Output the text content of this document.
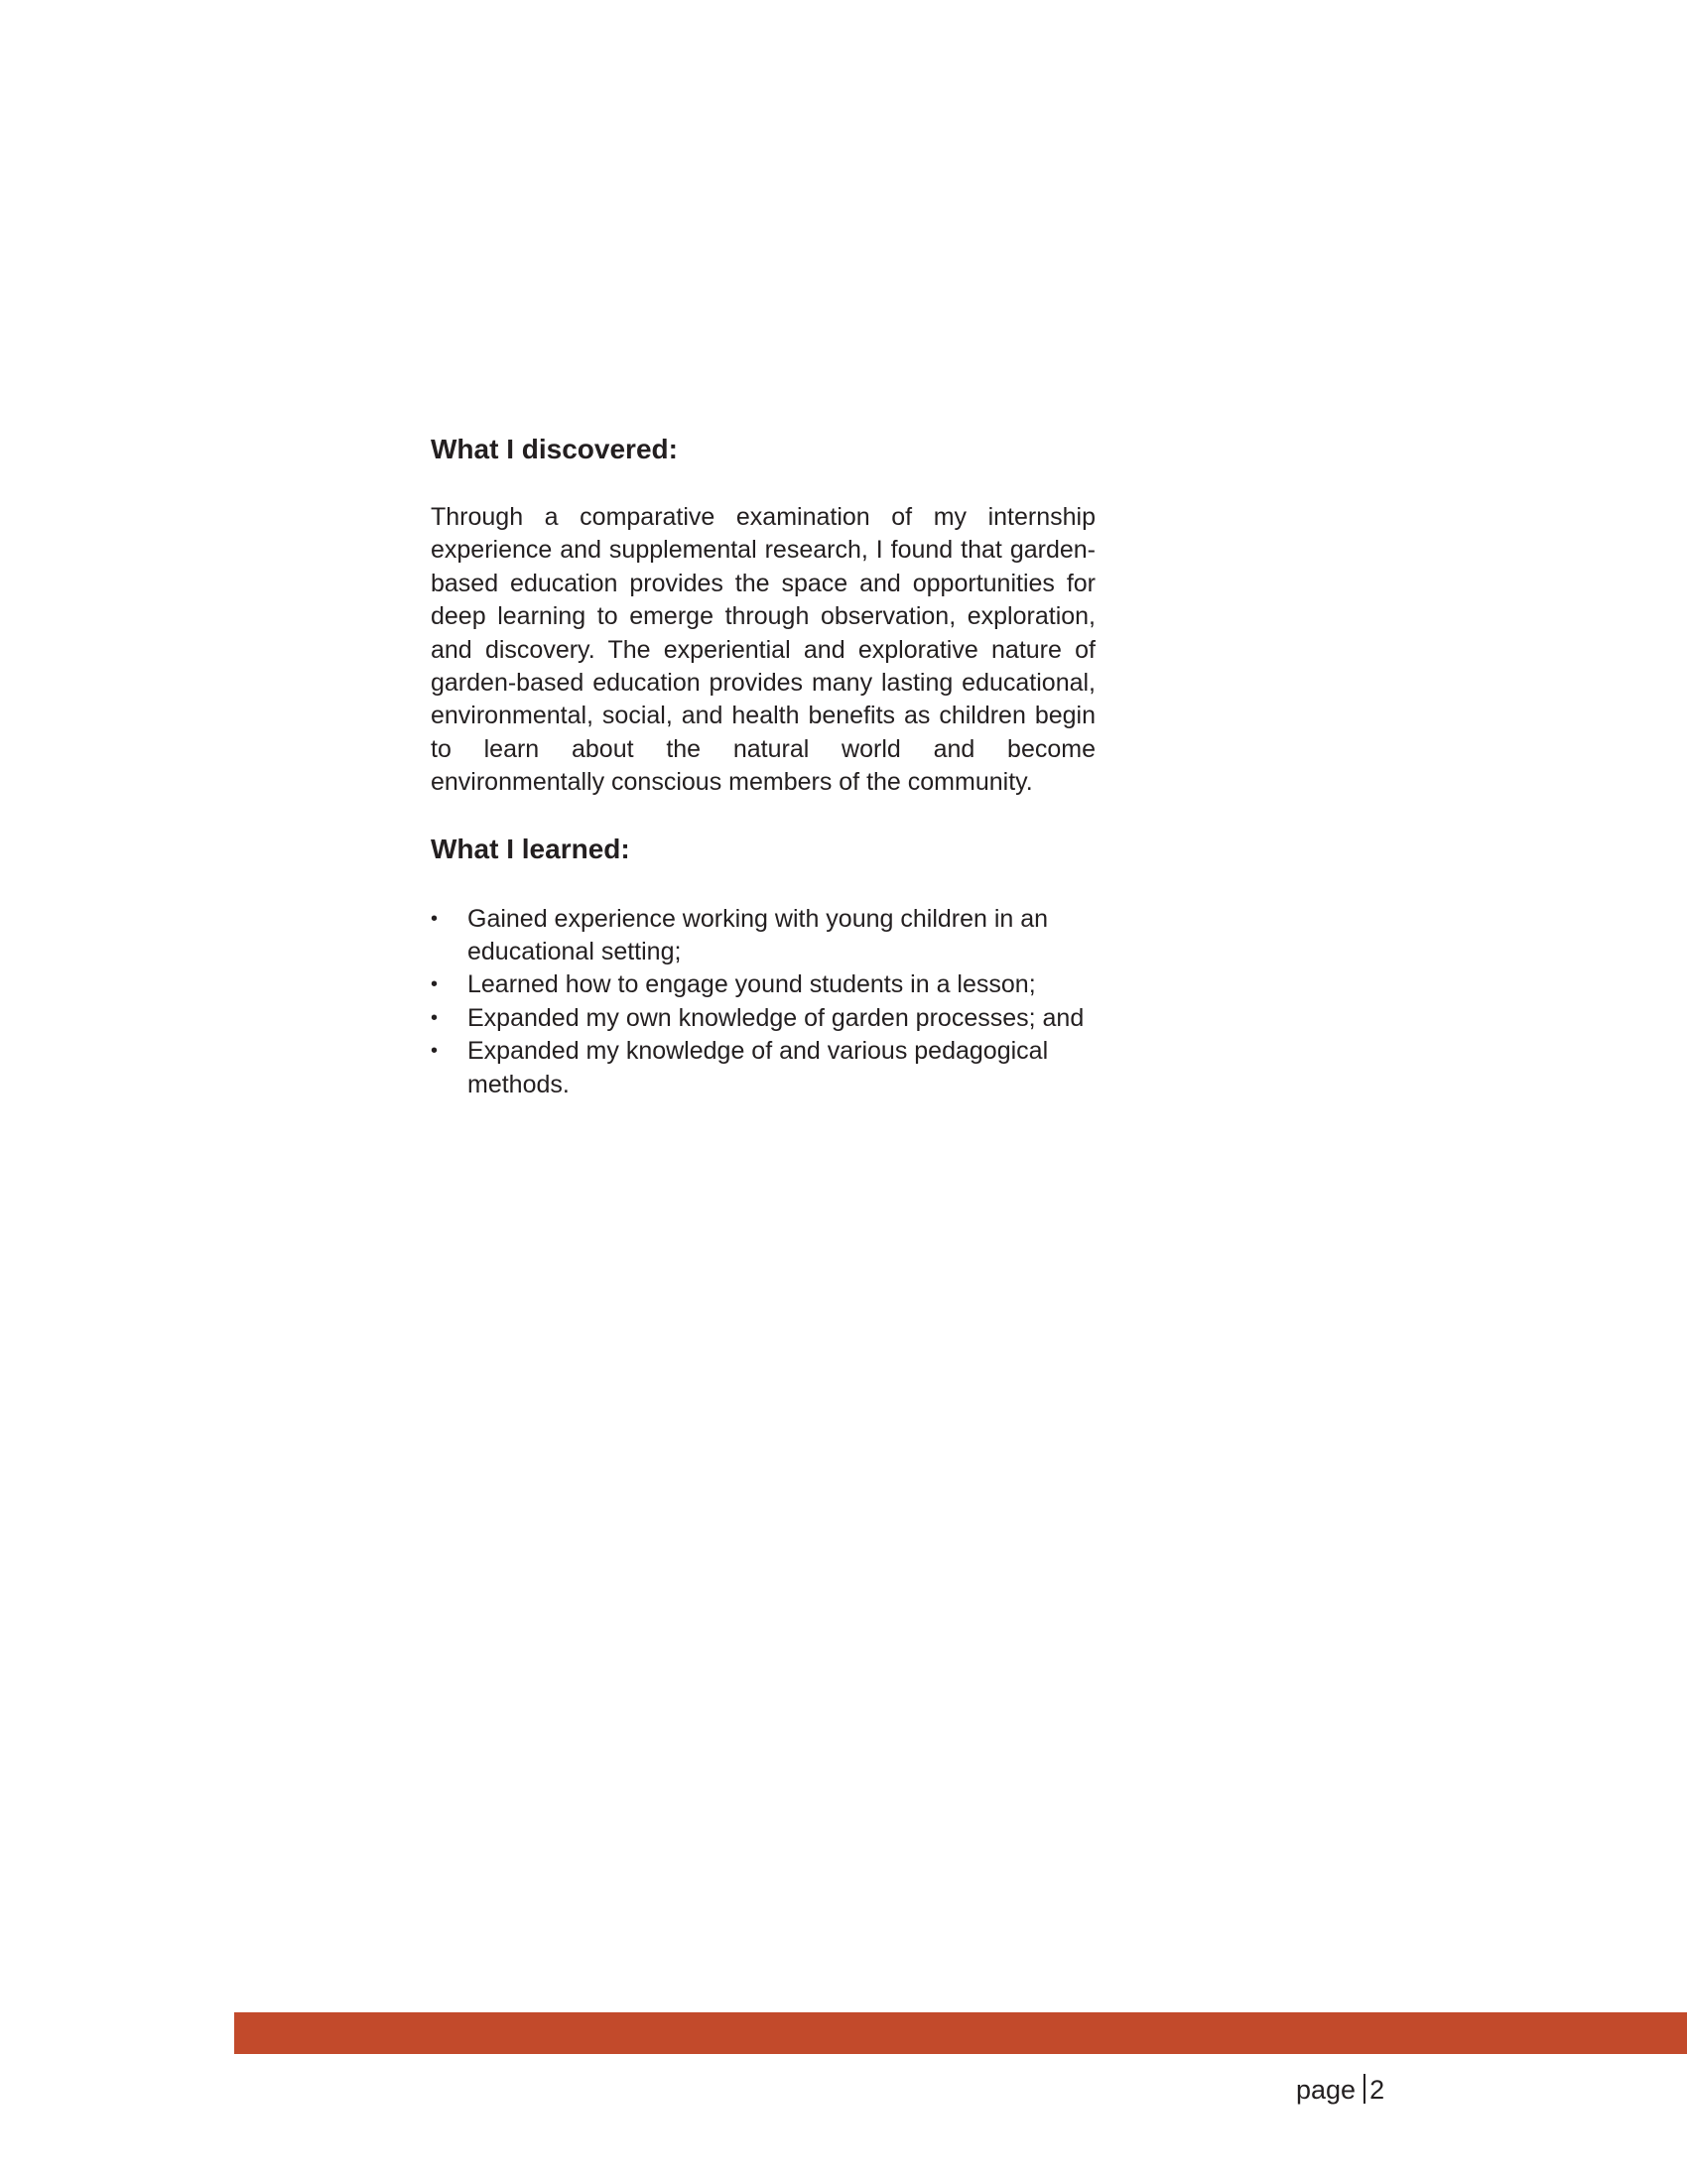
What I discovered:

Through a comparative examination of my internship experience and supplemental research, I found that garden-based education provides the space and opportunities for deep learning to emerge through observation, exploration, and discovery. The experiential and explorative nature of garden-based education provides many lasting educational, environmental, social, and health benefits as children begin to learn about the natural world and become environmentally conscious members of the community.

What I learned:
• Gained experience working with young children in an educational setting;
• Learned how to engage yound students in a lesson;
• Expanded my own knowledge of garden processes; and
• Expanded my knowledge of and various pedagogical methods.
page 2
